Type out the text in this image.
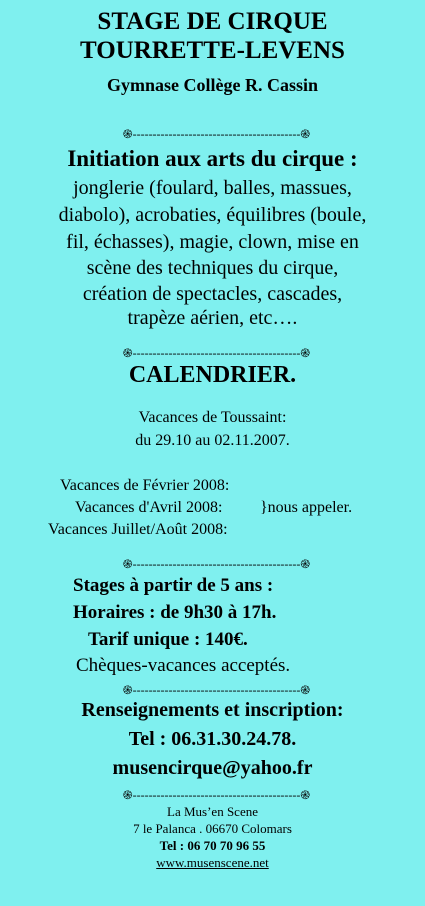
STAGE DE CIRQUE
TOURRETTE-LEVENS
Gymnase Collège R. Cassin
֍------------------------------------------֎
Initiation aux arts du cirque :
jonglerie (foulard, balles, massues,
diabolo), acrobaties, équilibres (boule,
fil, échasses), magie, clown, mise en
scène des techniques du cirque,
création de spectacles, cascades,
trapèze aérien, etc….
֍------------------------------------------֎
CALENDRIER.
Vacances de Toussaint:
du 29.10 au 02.11.2007.
Vacances de Février 2008:
Vacances d'Avril 2008: }nous appeler.
Vacances Juillet/Août 2008:
֍------------------------------------------֎
Stages à partir de 5 ans :
Horaires : de 9h30 à 17h.
Tarif unique : 140€.
Chèques-vacances acceptés.
֍------------------------------------------֎
Renseignements et inscription:
Tel : 06.31.30.24.78.
musencirque@yahoo.fr
֍------------------------------------------֎
La Mus’en Scene
7 le Palanca . 06670 Colomars
Tel : 06 70 70 96 55
www.musenscene.net
